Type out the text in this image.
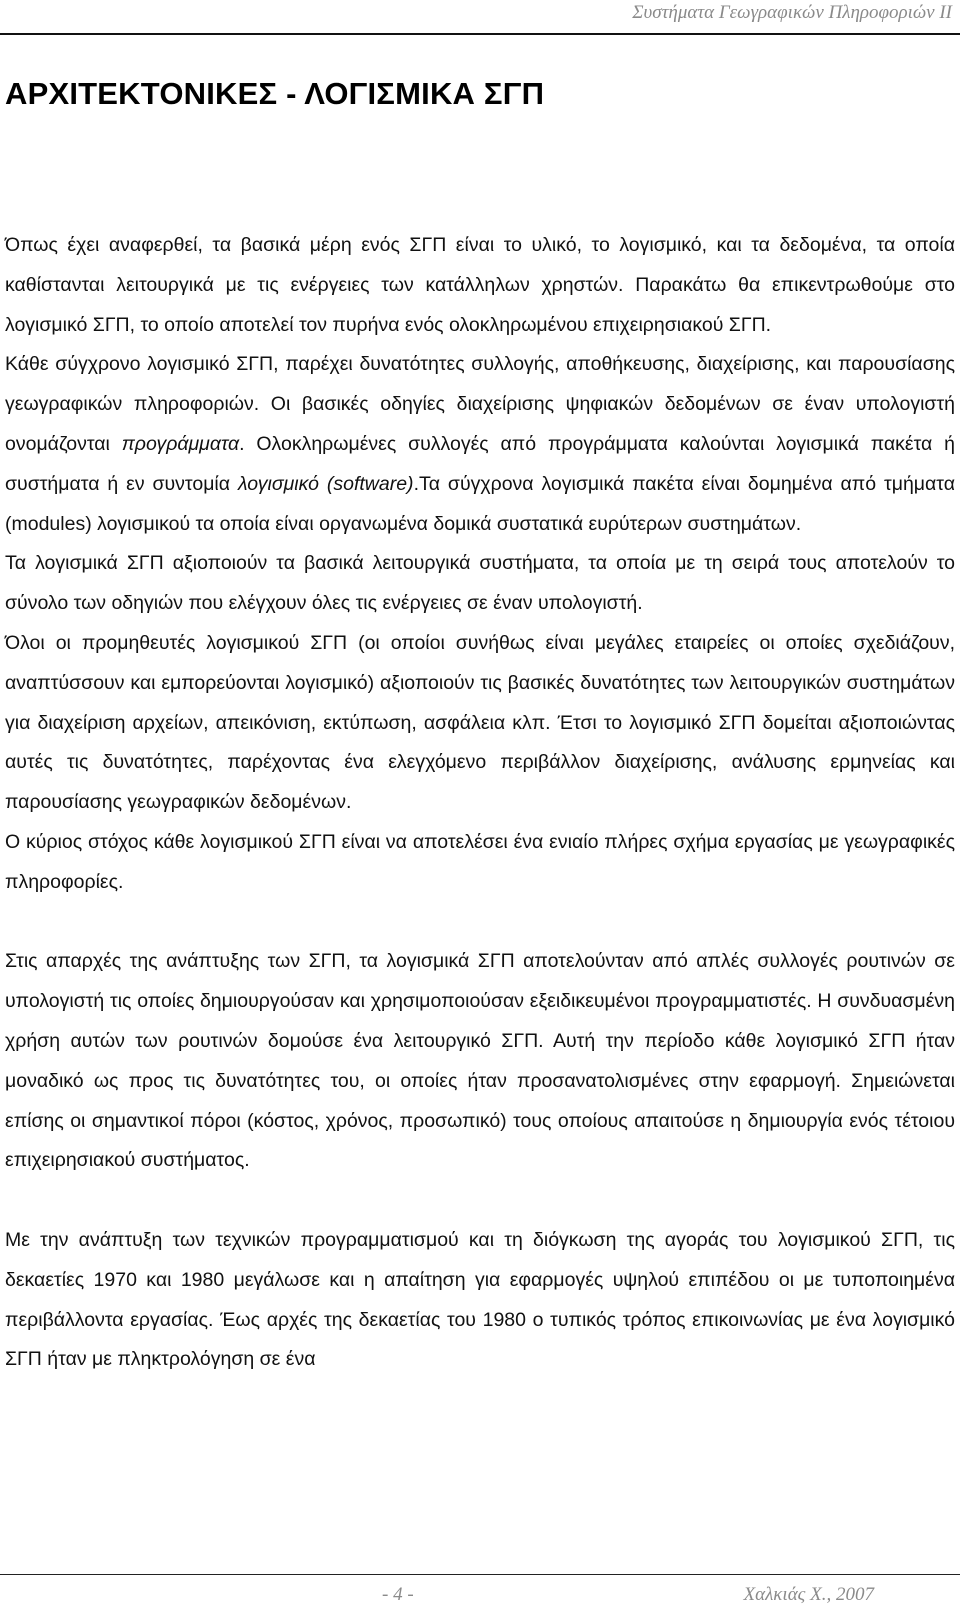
Συστήματα Γεωγραφικών Πληροφοριών ΙΙ
ΑΡΧΙΤΕΚΤΟΝΙΚΕΣ - ΛΟΓΙΣΜΙΚΑ ΣΓΠ

Όπως έχει αναφερθεί, τα βασικά μέρη ενός ΣΓΠ είναι το υλικό, το λογισμικό, και τα δεδομένα, τα οποία καθίστανται λειτουργικά με τις ενέργειες των κατάλληλων χρηστών. Παρακάτω θα επικεντρωθούμε στο λογισμικό ΣΓΠ, το οποίο αποτελεί τον πυρήνα ενός ολοκληρωμένου επιχειρησιακού ΣΓΠ.

Κάθε σύγχρονο λογισμικό ΣΓΠ, παρέχει δυνατότητες συλλογής, αποθήκευσης, διαχείρισης, και παρουσίασης γεωγραφικών πληροφοριών. Οι βασικές οδηγίες διαχείρισης ψηφιακών δεδομένων σε έναν υπολογιστή ονομάζονται προγράμματα. Ολοκληρωμένες συλλογές από προγράμματα καλούνται λογισμικά πακέτα ή συστήματα ή εν συντομία λογισμικό (software).Τα σύγχρονα λογισμικά πακέτα είναι δομημένα από τμήματα (modules) λογισμικού τα οποία είναι οργανωμένα δομικά συστατικά ευρύτερων συστημάτων.

Τα λογισμικά ΣΓΠ αξιοποιούν τα βασικά λειτουργικά συστήματα, τα οποία με τη σειρά τους αποτελούν το σύνολο των οδηγιών που ελέγχουν όλες τις ενέργειες σε έναν υπολογιστή.

Όλοι οι προμηθευτές λογισμικού ΣΓΠ (οι οποίοι συνήθως είναι μεγάλες εταιρείες οι οποίες σχεδιάζουν, αναπτύσσουν και εμπορεύονται λογισμικό) αξιοποιούν τις βασικές δυνατότητες των λειτουργικών συστημάτων για διαχείριση αρχείων, απεικόνιση, εκτύπωση, ασφάλεια κλπ. Έτσι το λογισμικό ΣΓΠ δομείται αξιοποιώντας αυτές τις δυνατότητες, παρέχοντας ένα ελεγχόμενο περιβάλλον διαχείρισης, ανάλυσης ερμηνείας και παρουσίασης γεωγραφικών δεδομένων.

Ο κύριος στόχος κάθε λογισμικού ΣΓΠ είναι να αποτελέσει ένα ενιαίο πλήρες σχήμα εργασίας με γεωγραφικές πληροφορίες.

Στις απαρχές της ανάπτυξης των ΣΓΠ, τα λογισμικά ΣΓΠ αποτελούνταν από απλές συλλογές ρουτινών σε υπολογιστή τις οποίες δημιουργούσαν και χρησιμοποιούσαν εξειδικευμένοι προγραμματιστές. Η συνδυασμένη χρήση αυτών των ρουτινών δομούσε ένα λειτουργικό ΣΓΠ. Αυτή την περίοδο κάθε λογισμικό ΣΓΠ ήταν μοναδικό ως προς τις δυνατότητες του, οι οποίες ήταν προσανατολισμένες στην εφαρμογή. Σημειώνεται επίσης οι σημαντικοί πόροι (κόστος, χρόνος, προσωπικό) τους οποίους απαιτούσε η δημιουργία ενός τέτοιου επιχειρησιακού συστήματος.

Με την ανάπτυξη των τεχνικών προγραμματισμού και τη διόγκωση της αγοράς του λογισμικού ΣΓΠ, τις δεκαετίες 1970 και 1980 μεγάλωσε και η απαίτηση για εφαρμογές υψηλού επιπέδου οι με τυποποιημένα περιβάλλοντα εργασίας. Έως αρχές της δεκαετίας του 1980 ο τυπικός τρόπος επικοινωνίας με ένα λογισμικό ΣΓΠ ήταν με πληκτρολόγηση σε ένα

- 4 -	Χαλκιάς Χ., 2007
